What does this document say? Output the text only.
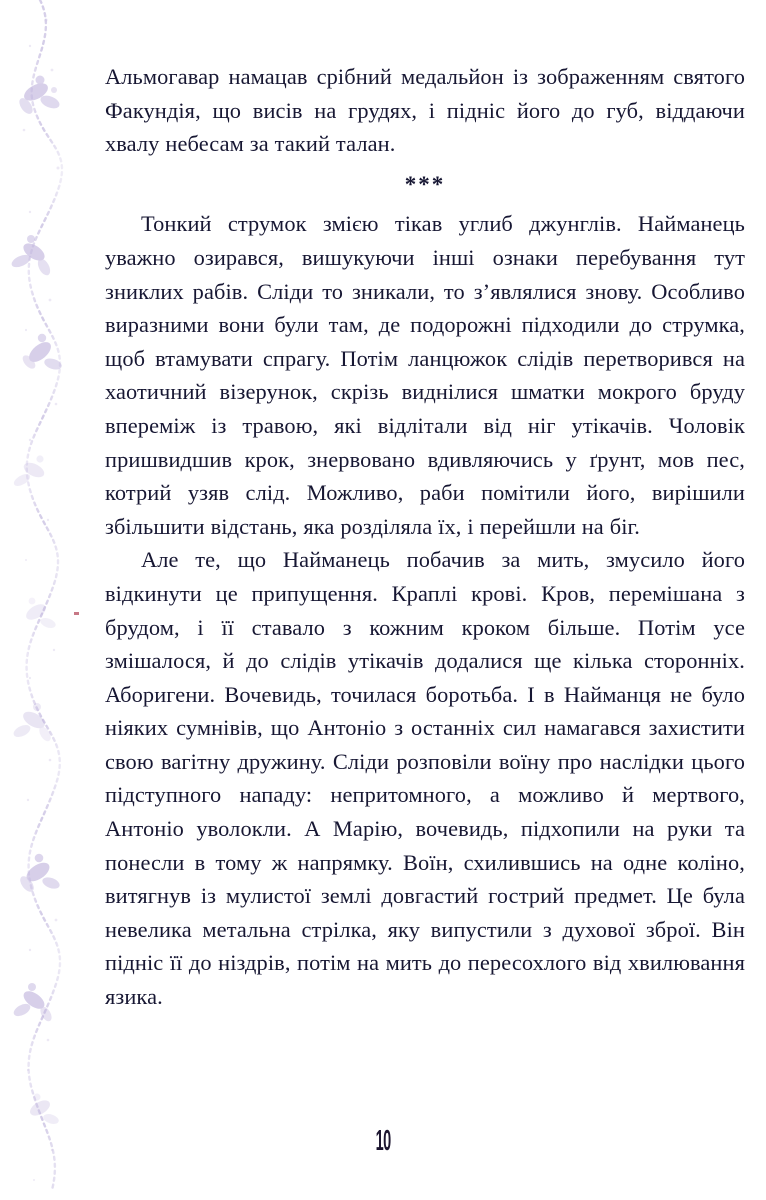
Альмогавар намацав срібний медальйон із зображенням святого Факундія, що висів на грудях, і підніс його до губ, віддаючи хвалу небесам за такий талан.

***

Тонкий струмок змією тікав углиб джунглів. Найманець уважно озирався, вишукуючи інші ознаки перебування тут зниклих рабів. Сліди то зникали, то з’являлися знову. Особливо виразними вони були там, де подорожні підходили до струмка, щоб втамувати спрагу. Потім ланцюжок слідів перетворився на хаотичний візерунок, скрізь виднілися шматки мокрого бруду впереміж із травою, які відлітали від ніг утікачів. Чоловік пришвидшив крок, знервовано вдивляючись у ґрунт, мов пес, котрий узяв слід. Можливо, раби помітили його, вирішили збільшити відстань, яка розділяла їх, і перейшли на біг.

Але те, що Найманець побачив за мить, змусило його відкинути це припущення. Краплі крові. Кров, перемішана з брудом, і її ставало з кожним кроком більше. Потім усе змішалося, й до слідів утікачів додалися ще кілька сторонніх. Аборигени. Вочевидь, точилася боротьба. І в Найманця не було ніяких сумнівів, що Антоніо з останніх сил намагався захистити свою вагітну дружину. Сліди розповіли воїну про наслідки цього підступного нападу: непритомного, а можливо й мертвого, Антоніо уволокли. А Марію, вочевидь, підхопили на руки та понесли в тому ж напрямку. Воїн, схилившись на одне коліно, витягнув із мулистої землі довгастий гострий предмет. Це була невелика метальна стрілка, яку випустили з духової зброї. Він підніс її до ніздрів, потім на мить до пересохлого від хвилювання язика.

10
